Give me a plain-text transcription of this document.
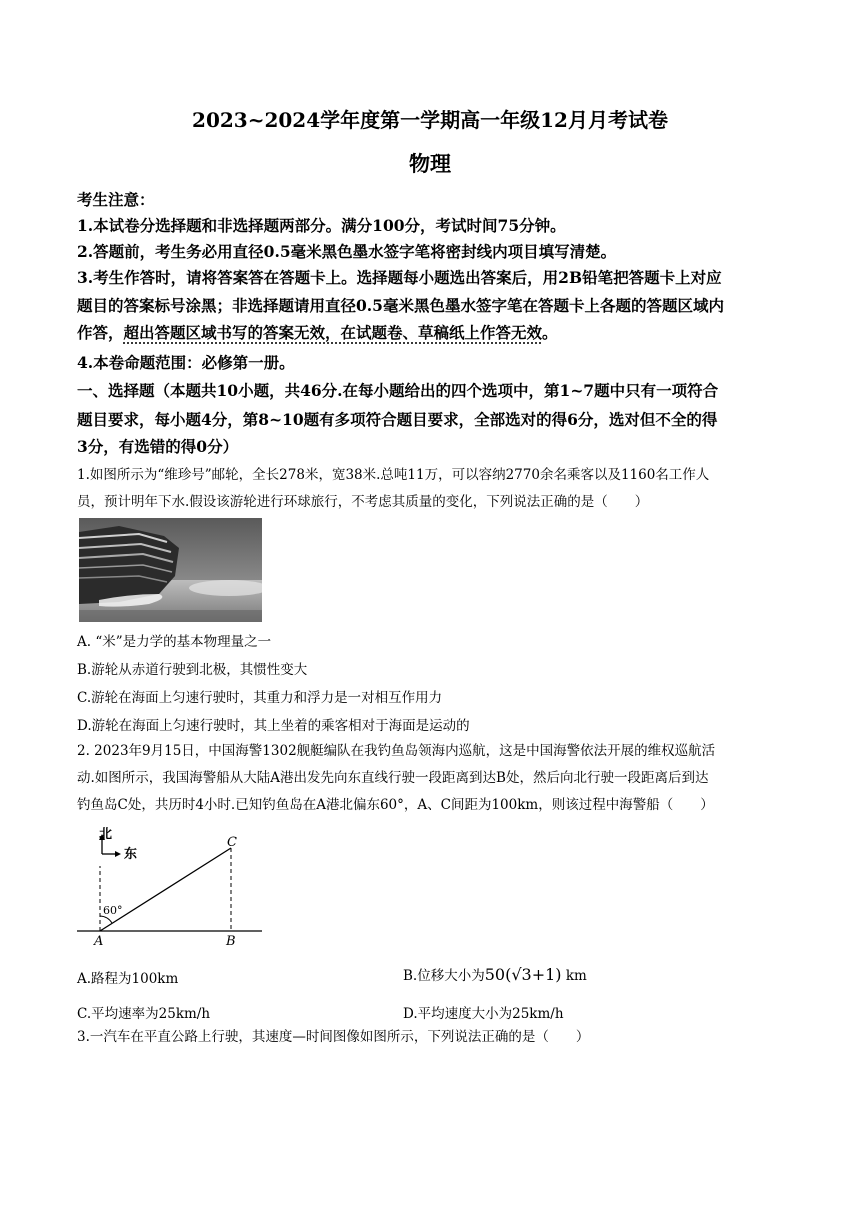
2023~2024学年度第一学期高一年级12月月考试卷
物理
考生注意：
1.本试卷分选择题和非选择题两部分。满分100分，考试时间75分钟。
2.答题前，考生务必用直径0.5毫米黑色墨水签字笔将密封线内项目填写清楚。
3.考生作答时，请将答案答在答题卡上。选择题每小题选出答案后，用2B铅笔把答题卡上对应
题目的答案标号涂黑；非选择题请用直径0.5毫米黑色墨水签字笔在答题卡上各题的答题区域内
作答，超出答题区域书写的答案无效，在试题卷、草稿纸上作答无效。
4.本卷命题范围：必修第一册。
一、选择题（本题共10小题，共46分.在每小题给出的四个选项中，第1~7题中只有一项符合
题目要求，每小题4分，第8~10题有多项符合题目要求，全部选对的得6分，选对但不全的得
3分，有选错的得0分）
1.如图所示为“维珍号”邮轮，全长278米，宽38米.总吨11万，可以容纳2770余名乘客以及1160名工作人
员，预计明年下水.假设该游轮进行环球旅行，不考虑其质量的变化，下列说法正确的是（　　）
A. “米”是力学的基本物理量之一
B.游轮从赤道行驶到北极，其惯性变大
C.游轮在海面上匀速行驶时，其重力和浮力是一对相互作用力
D.游轮在海面上匀速行驶时，其上坐着的乘客相对于海面是运动的
2. 2023年9月15日，中国海警1302舰艇编队在我钓鱼岛领海内巡航，这是中国海警依法开展的维权巡航活
动.如图所示，我国海警船从大陆A港出发先向东直线行驶一段距离到达B处，然后向北行驶一段距离后到达
钓鱼岛C处，共历时4小时.已知钓鱼岛在A港北偏东60°，A、C间距为100km，则该过程中海警船（　　）
北
东
60°
A	B
C
A.路程为100km	B.位移大小为50(√3+1) km
C.平均速率为25km/h	D.平均速度大小为25km/h
3.一汽车在平直公路上行驶，其速度—时间图像如图所示，下列说法正确的是（　　）
